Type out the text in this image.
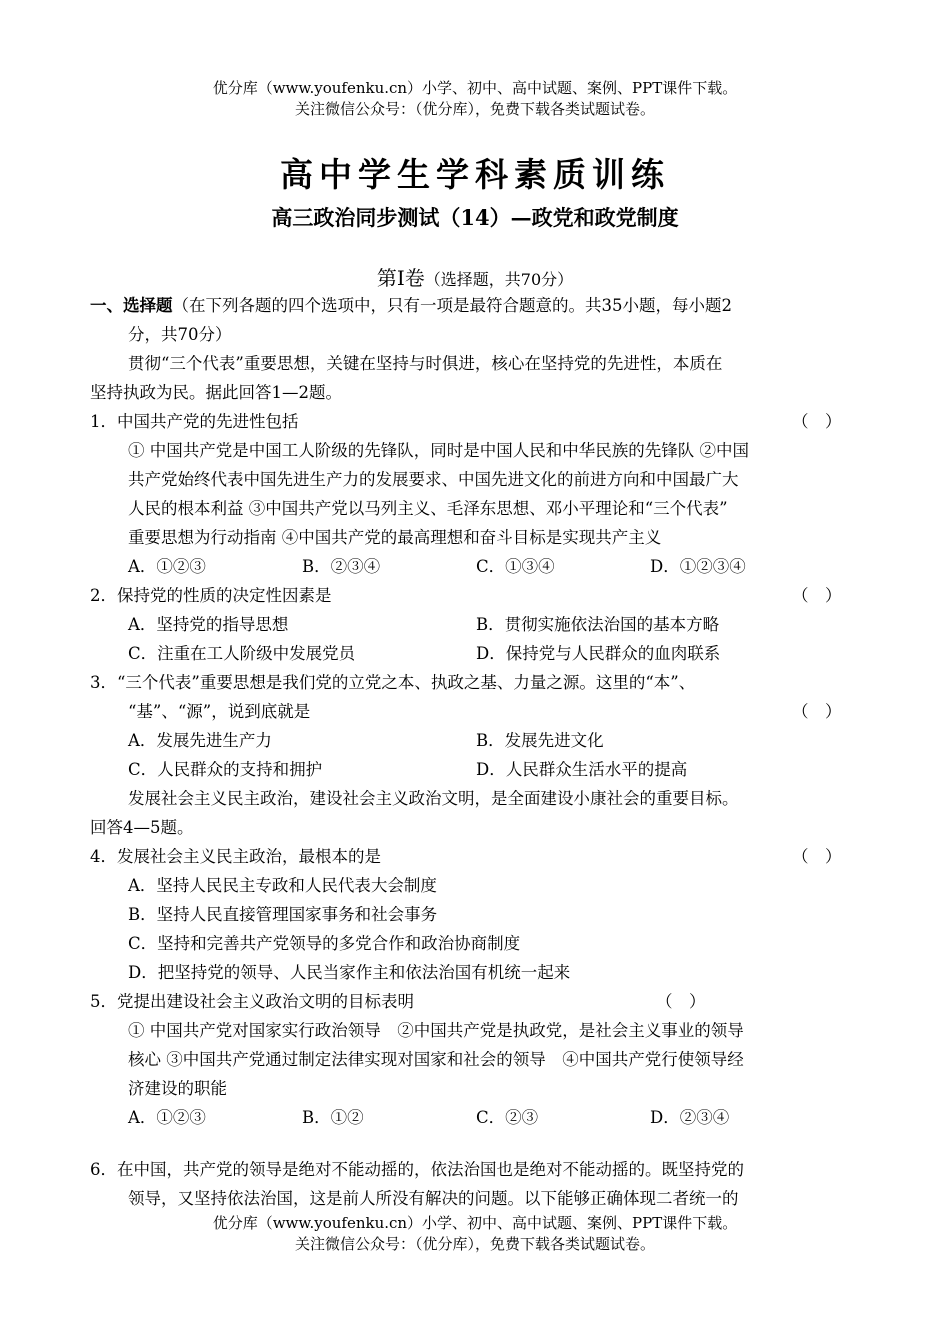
优分库（www.youfenku.cn）小学、初中、高中试题、案例、PPT课件下载。
关注微信公众号：（优分库），免费下载各类试题试卷。
高中学生学科素质训练
高三政治同步测试（14）—政党和政党制度
第Ⅰ卷（选择题，共70分）
一、选择题（在下列各题的四个选项中，只有一项是最符合题意的。共35小题，每小题2
分，共70分）
贯彻“三个代表”重要思想，关键在坚持与时俱进，核心在坚持党的先进性，本质在
坚持执政为民。据此回答1—2题。
1．中国共产党的先进性包括	（　）
① 中国共产党是中国工人阶级的先锋队，同时是中国人民和中华民族的先锋队 ②中国
共产党始终代表中国先进生产力的发展要求、中国先进文化的前进方向和中国最广大
人民的根本利益 ③中国共产党以马列主义、毛泽东思想、邓小平理论和“三个代表”
重要思想为行动指南 ④中国共产党的最高理想和奋斗目标是实现共产主义
A．①②③	B．②③④	C．①③④	D．①②③④
2．保持党的性质的决定性因素是	（　）
A．坚持党的指导思想	B．贯彻实施依法治国的基本方略
C．注重在工人阶级中发展党员	D．保持党与人民群众的血肉联系
3．“三个代表”重要思想是我们党的立党之本、执政之基、力量之源。这里的“本”、
“基”、“源”，说到底就是	（　）
A．发展先进生产力	B．发展先进文化
C．人民群众的支持和拥护	D．人民群众生活水平的提高
发展社会主义民主政治，建设社会主义政治文明，是全面建设小康社会的重要目标。
回答4—5题。
4．发展社会主义民主政治，最根本的是	（　）
A．坚持人民民主专政和人民代表大会制度
B．坚持人民直接管理国家事务和社会事务
C．坚持和完善共产党领导的多党合作和政治协商制度
D．把坚持党的领导、人民当家作主和依法治国有机统一起来
5．党提出建设社会主义政治文明的目标表明	（　）
① 中国共产党对国家实行政治领导　②中国共产党是执政党，是社会主义事业的领导
核心 ③中国共产党通过制定法律实现对国家和社会的领导　④中国共产党行使领导经
济建设的职能
A．①②③	B．①②	C．②③	D．②③④
6．在中国，共产党的领导是绝对不能动摇的，依法治国也是绝对不能动摇的。既坚持党的
领导，又坚持依法治国，这是前人所没有解决的问题。以下能够正确体现二者统一的
优分库（www.youfenku.cn）小学、初中、高中试题、案例、PPT课件下载。
关注微信公众号：（优分库），免费下载各类试题试卷。
